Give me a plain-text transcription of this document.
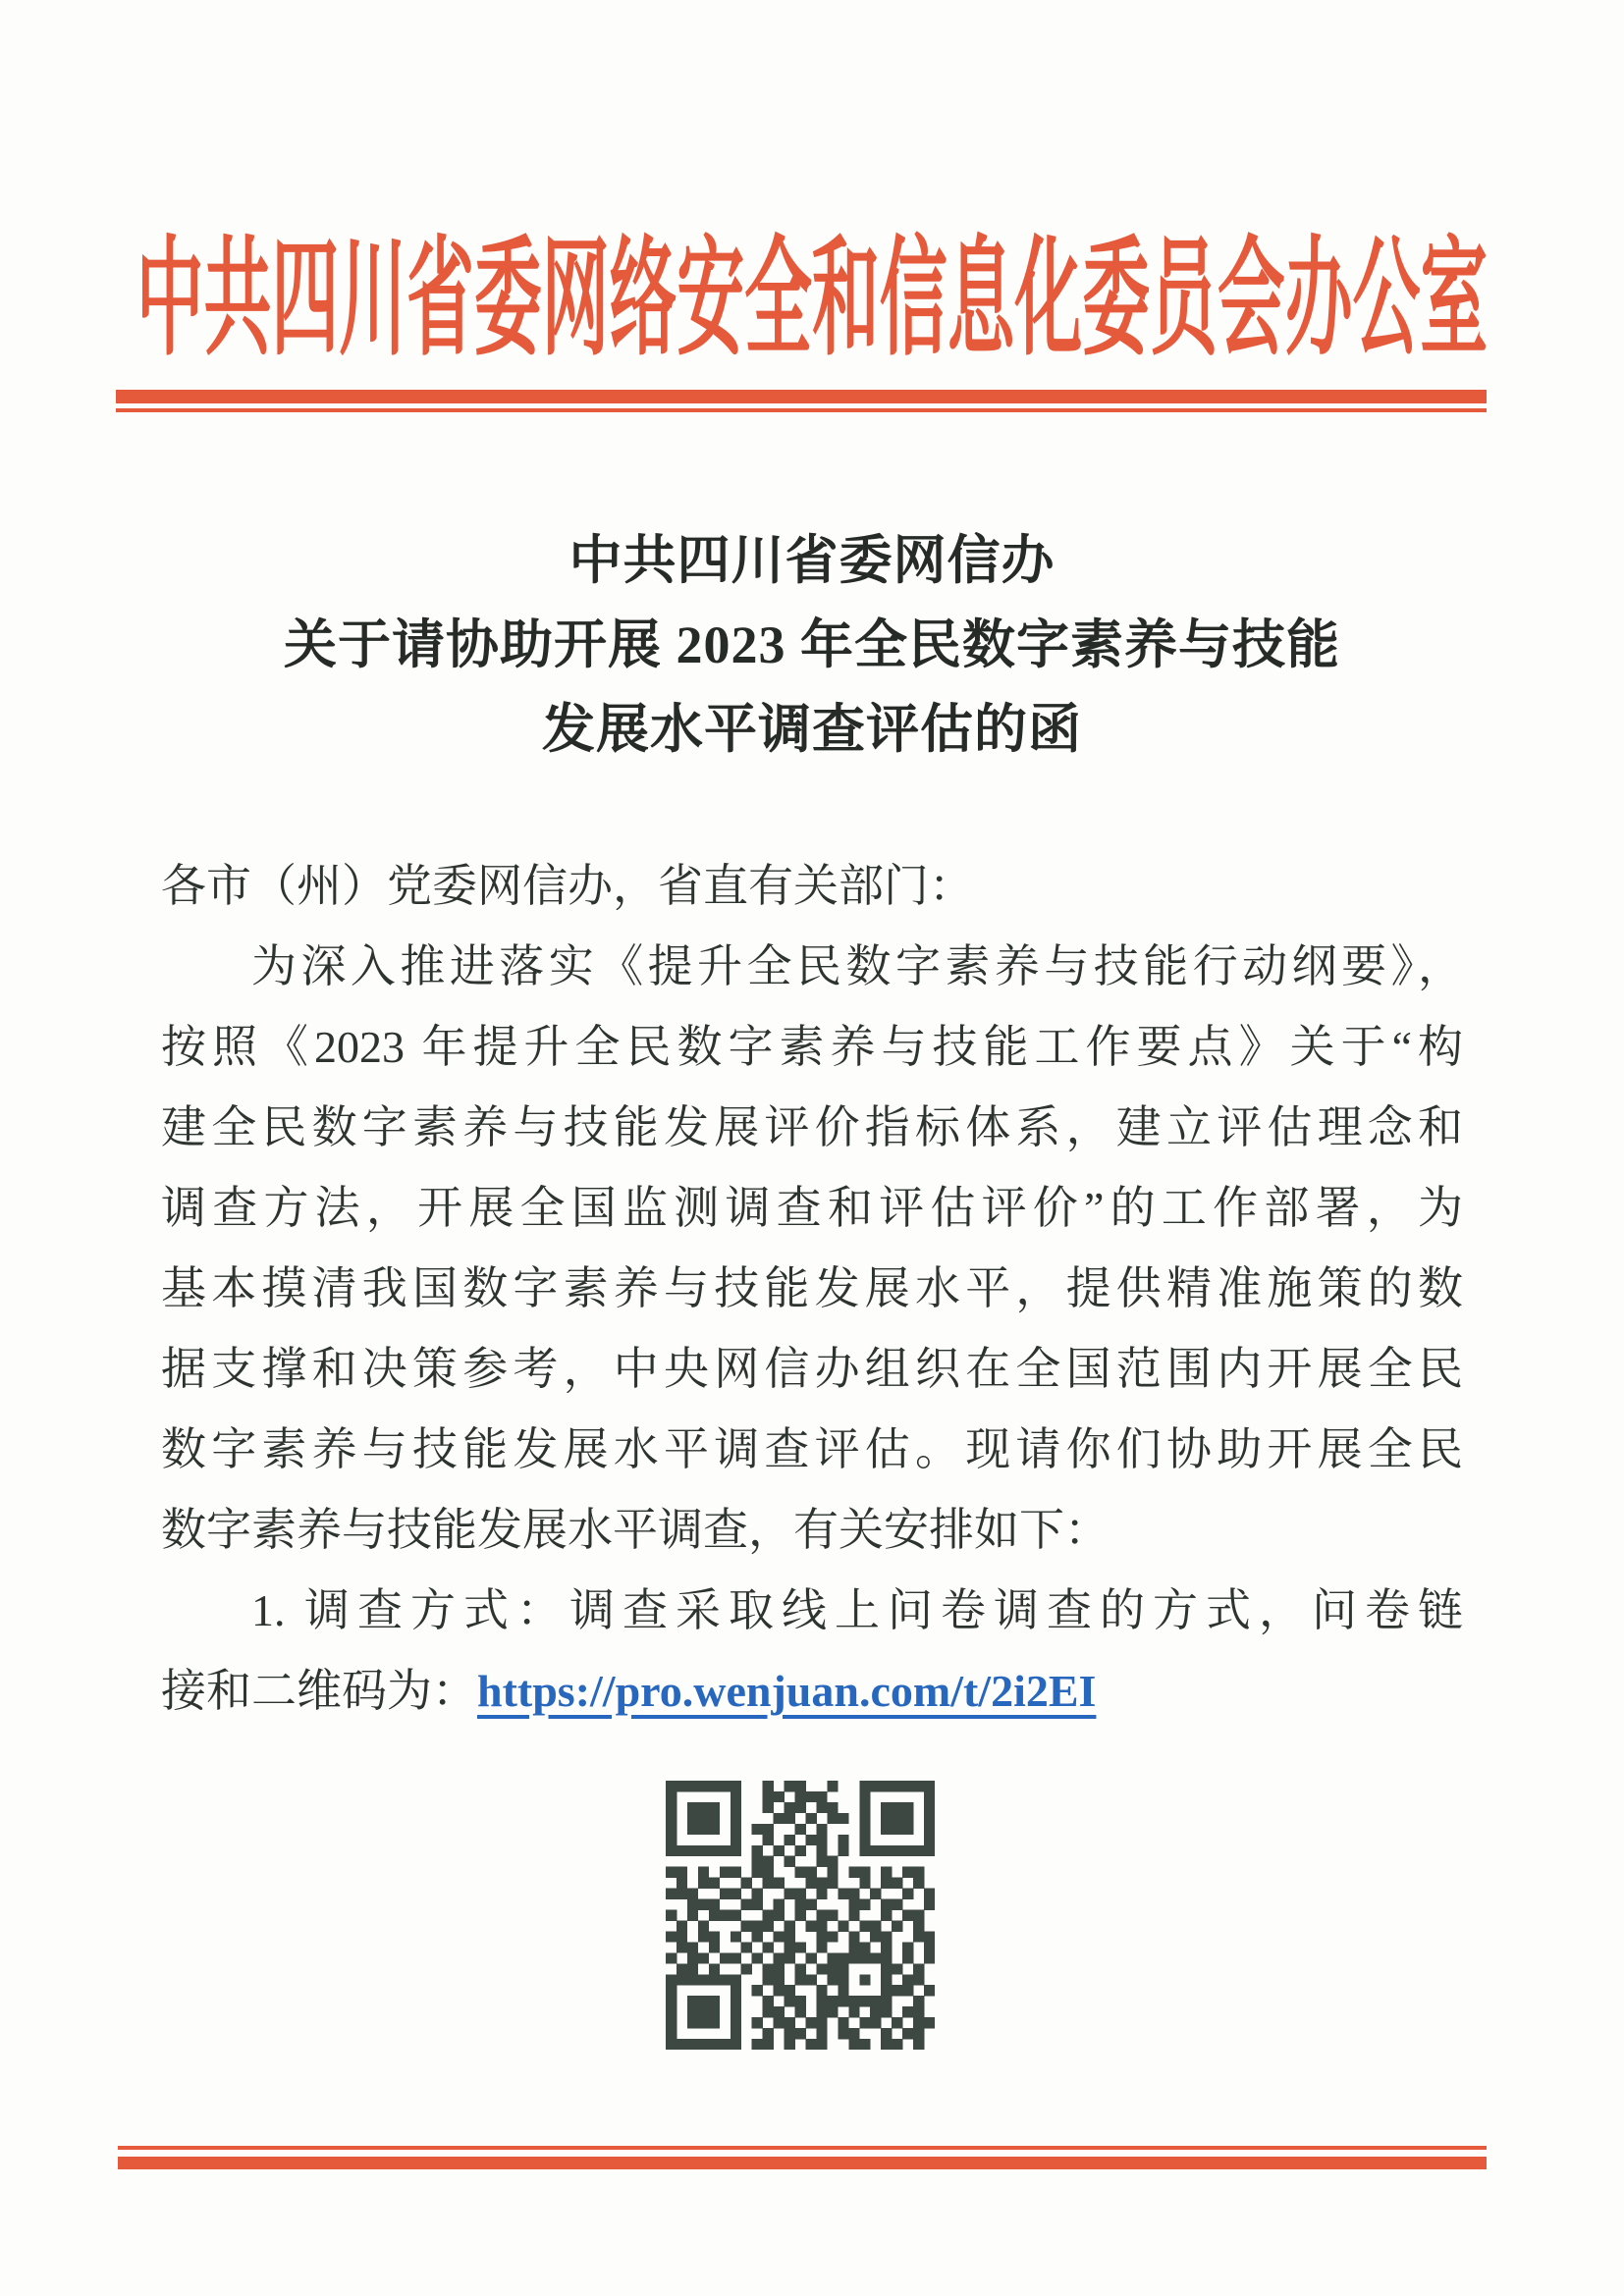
中共四川省委网络安全和信息化委员会办公室
中共四川省委网信办
关于请协助开展 2023 年全民数字素养与技能
发展水平调查评估的函
各市（州）党委网信办，省直有关部门：
为深入推进落实《提升全民数字素养与技能行动纲要》，
按照《2023 年提升全民数字素养与技能工作要点》关于“构
建全民数字素养与技能发展评价指标体系，建立评估理念和
调查方法，开展全国监测调查和评估评价”的工作部署，为
基本摸清我国数字素养与技能发展水平，提供精准施策的数
据支撑和决策参考，中央网信办组织在全国范围内开展全民
数字素养与技能发展水平调查评估。现请你们协助开展全民
数字素养与技能发展水平调查，有关安排如下：
1. 调查方式：调查采取线上问卷调查的方式，问卷链
接和二维码为：https://pro.wenjuan.com/t/2i2EI
